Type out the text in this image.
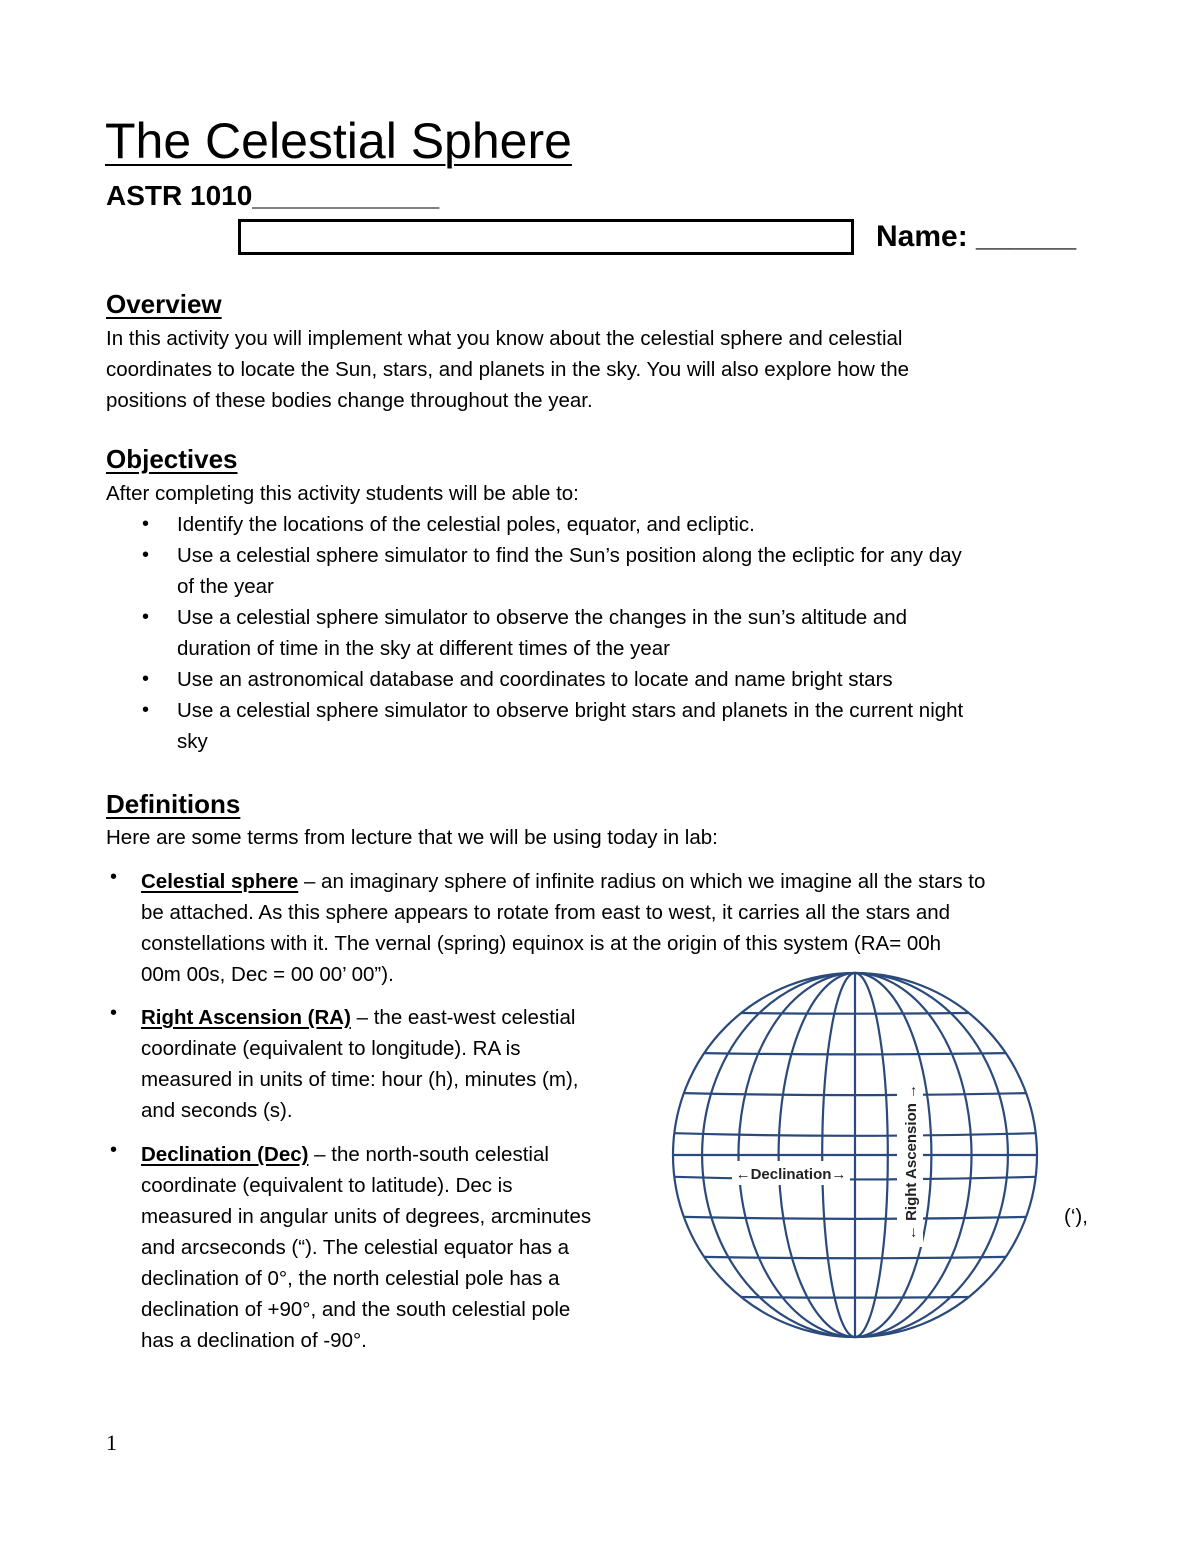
The Celestial Sphere
ASTR 1010____________
Name: ______
Overview
In this activity you will implement what you know about the celestial sphere and celestial
coordinates to locate the Sun, stars, and planets in the sky. You will also explore how the
positions of these bodies change throughout the year.
Objectives
After completing this activity students will be able to:
• Identify the locations of the celestial poles, equator, and ecliptic.
• Use a celestial sphere simulator to find the Sun’s position along the ecliptic for any day
of the year
• Use a celestial sphere simulator to observe the changes in the sun’s altitude and
duration of time in the sky at different times of the year
• Use an astronomical database and coordinates to locate and name bright stars
• Use a celestial sphere simulator to observe bright stars and planets in the current night
sky
Definitions
Here are some terms from lecture that we will be using today in lab:
• Celestial sphere – an imaginary sphere of infinite radius on which we imagine all the stars to
be attached. As this sphere appears to rotate from east to west, it carries all the stars and
constellations with it. The vernal (spring) equinox is at the origin of this system (RA= 00h
00m 00s, Dec = 00 00’ 00”).
• Right Ascension (RA) – the east-west celestial
coordinate (equivalent to longitude). RA is
measured in units of time: hour (h), minutes (m),
and seconds (s).
• Declination (Dec) – the north-south celestial
coordinate (equivalent to latitude). Dec is
measured in angular units of degrees, arcminutes
and arcseconds (“). The celestial equator has a
declination of 0°, the north celestial pole has a
declination of +90°, and the south celestial pole
has a declination of -90°.
(‘),
←Declination→	← Right Ascension →
1
